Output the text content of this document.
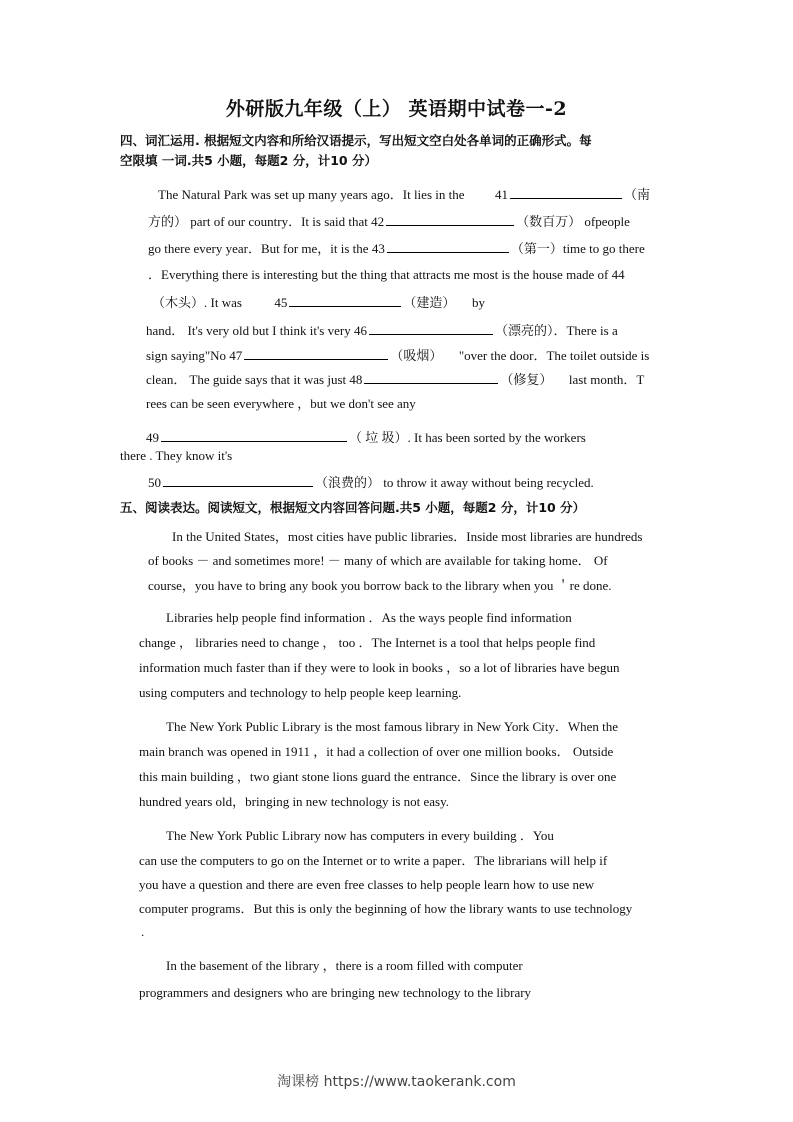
外研版九年级（上） 英语期中试卷一-2
四、词汇运用. 根据短文内容和所给汉语提示，写出短文空白处各单词的正确形式。每
空限填 一词.共5 小题，每题2 分，计10 分）
The Natural Park was set up many years ago．It lies in the 41	（南
方的） part of our country．It is said that 42	（数百万） ofpeople
go there every year．But for me，it is the 43	（第一）time to go there
．Everything there is interesting but the thing that attracts me most is the house made of 44
（木头）. It was	45	（建造） by
hand． It's very old but I think it's very 46	（漂亮的）．There is a
sign saying"No 47	（吸烟） "over the door．The toilet outside is
clean． The guide says that it was just 48	（修复） last month．T
rees can be seen everywhere ，but we don't see any
49	（ 垃 圾）. It has been sorted by the workers
there . They know it's
50	（浪费的） to throw it away without being recycled.
五、阅读表达。阅读短文，根据短文内容回答问题.共5 小题，每题2 分，计10 分）
In the United States，most cities have public libraries．Inside most libraries are hundreds
of books － and sometimes more! － many of which are available for taking home． Of
course，you have to bring any book you borrow back to the library when you ＇re done.
Libraries help people find information ．As the ways people find information
change ， libraries need to change ， too ．The Internet is a tool that helps people find
information much faster than if they were to look in books ，so a lot of libraries have begun
using computers and technology to help people keep learning.
The New York Public Library is the most famous library in New York City．When the
main branch was opened in 1911 ，it had a collection of over one million books． Outside
this main building ，two giant stone lions guard the entrance．Since the library is over one
hundred years old，bringing in new technology is not easy.
The New York Public Library now has computers in every building ．You
can use the computers to go on the Internet or to write a paper．The librarians will help if
you have a question and there are even free classes to help people learn how to use new
computer programs．But this is only the beginning of how the library wants to use technology
.
In the basement of the library ，there is a room filled with computer
programmers and designers who are bringing new technology to the library
淘课榜 https://www.taokerank.com
